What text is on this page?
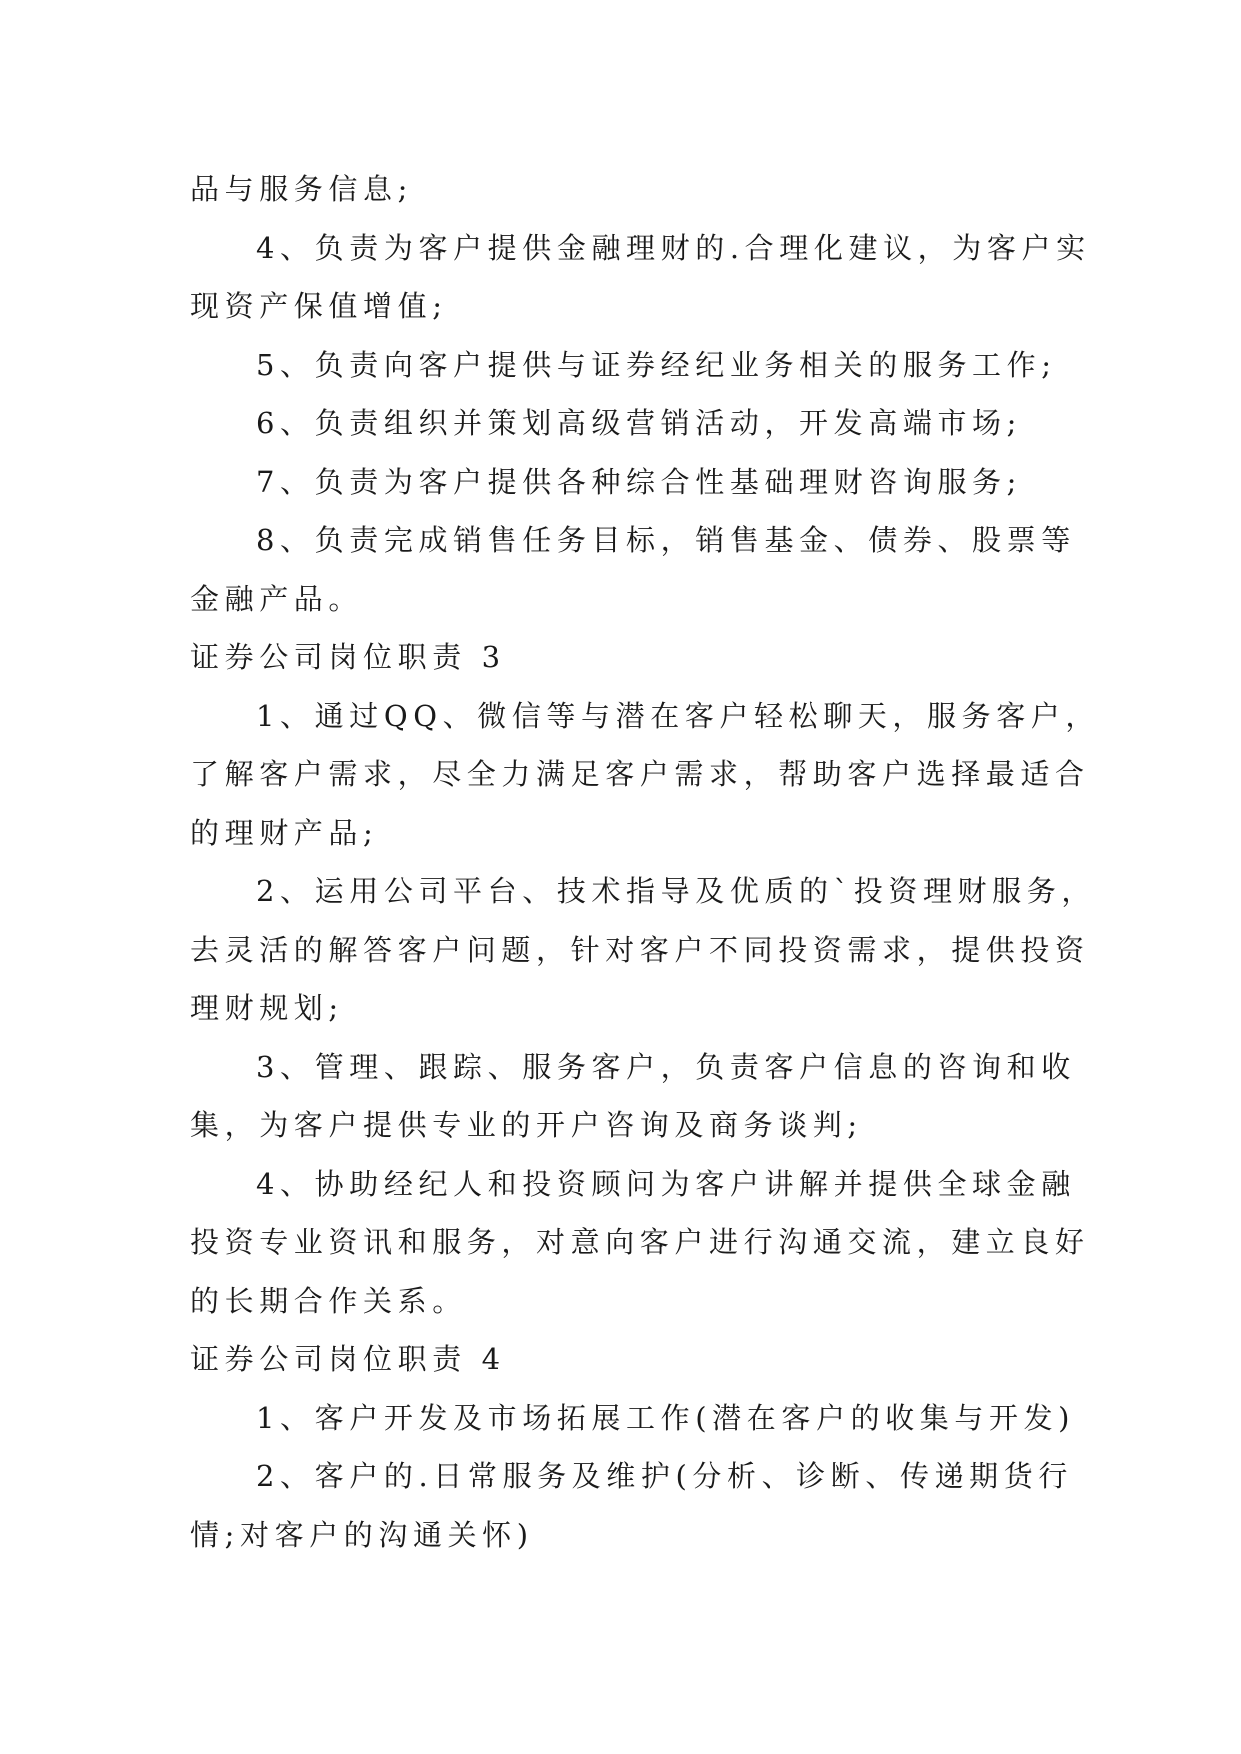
品与服务信息;
4、负责为客户提供金融理财的.合理化建议，为客户实
现资产保值增值;
5、负责向客户提供与证券经纪业务相关的服务工作;
6、负责组织并策划高级营销活动，开发高端市场;
7、负责为客户提供各种综合性基础理财咨询服务;
8、负责完成销售任务目标，销售基金、债券、股票等
金融产品。
证券公司岗位职责 3
1、通过QQ、微信等与潜在客户轻松聊天，服务客户，
了解客户需求，尽全力满足客户需求，帮助客户选择最适合
的理财产品;
2、运用公司平台、技术指导及优质的`投资理财服务，
去灵活的解答客户问题，针对客户不同投资需求，提供投资
理财规划;
3、管理、跟踪、服务客户，负责客户信息的咨询和收
集，为客户提供专业的开户咨询及商务谈判;
4、协助经纪人和投资顾问为客户讲解并提供全球金融
投资专业资讯和服务，对意向客户进行沟通交流，建立良好
的长期合作关系。
证券公司岗位职责 4
1、客户开发及市场拓展工作(潜在客户的收集与开发)
2、客户的.日常服务及维护(分析、诊断、传递期货行
情;对客户的沟通关怀)
